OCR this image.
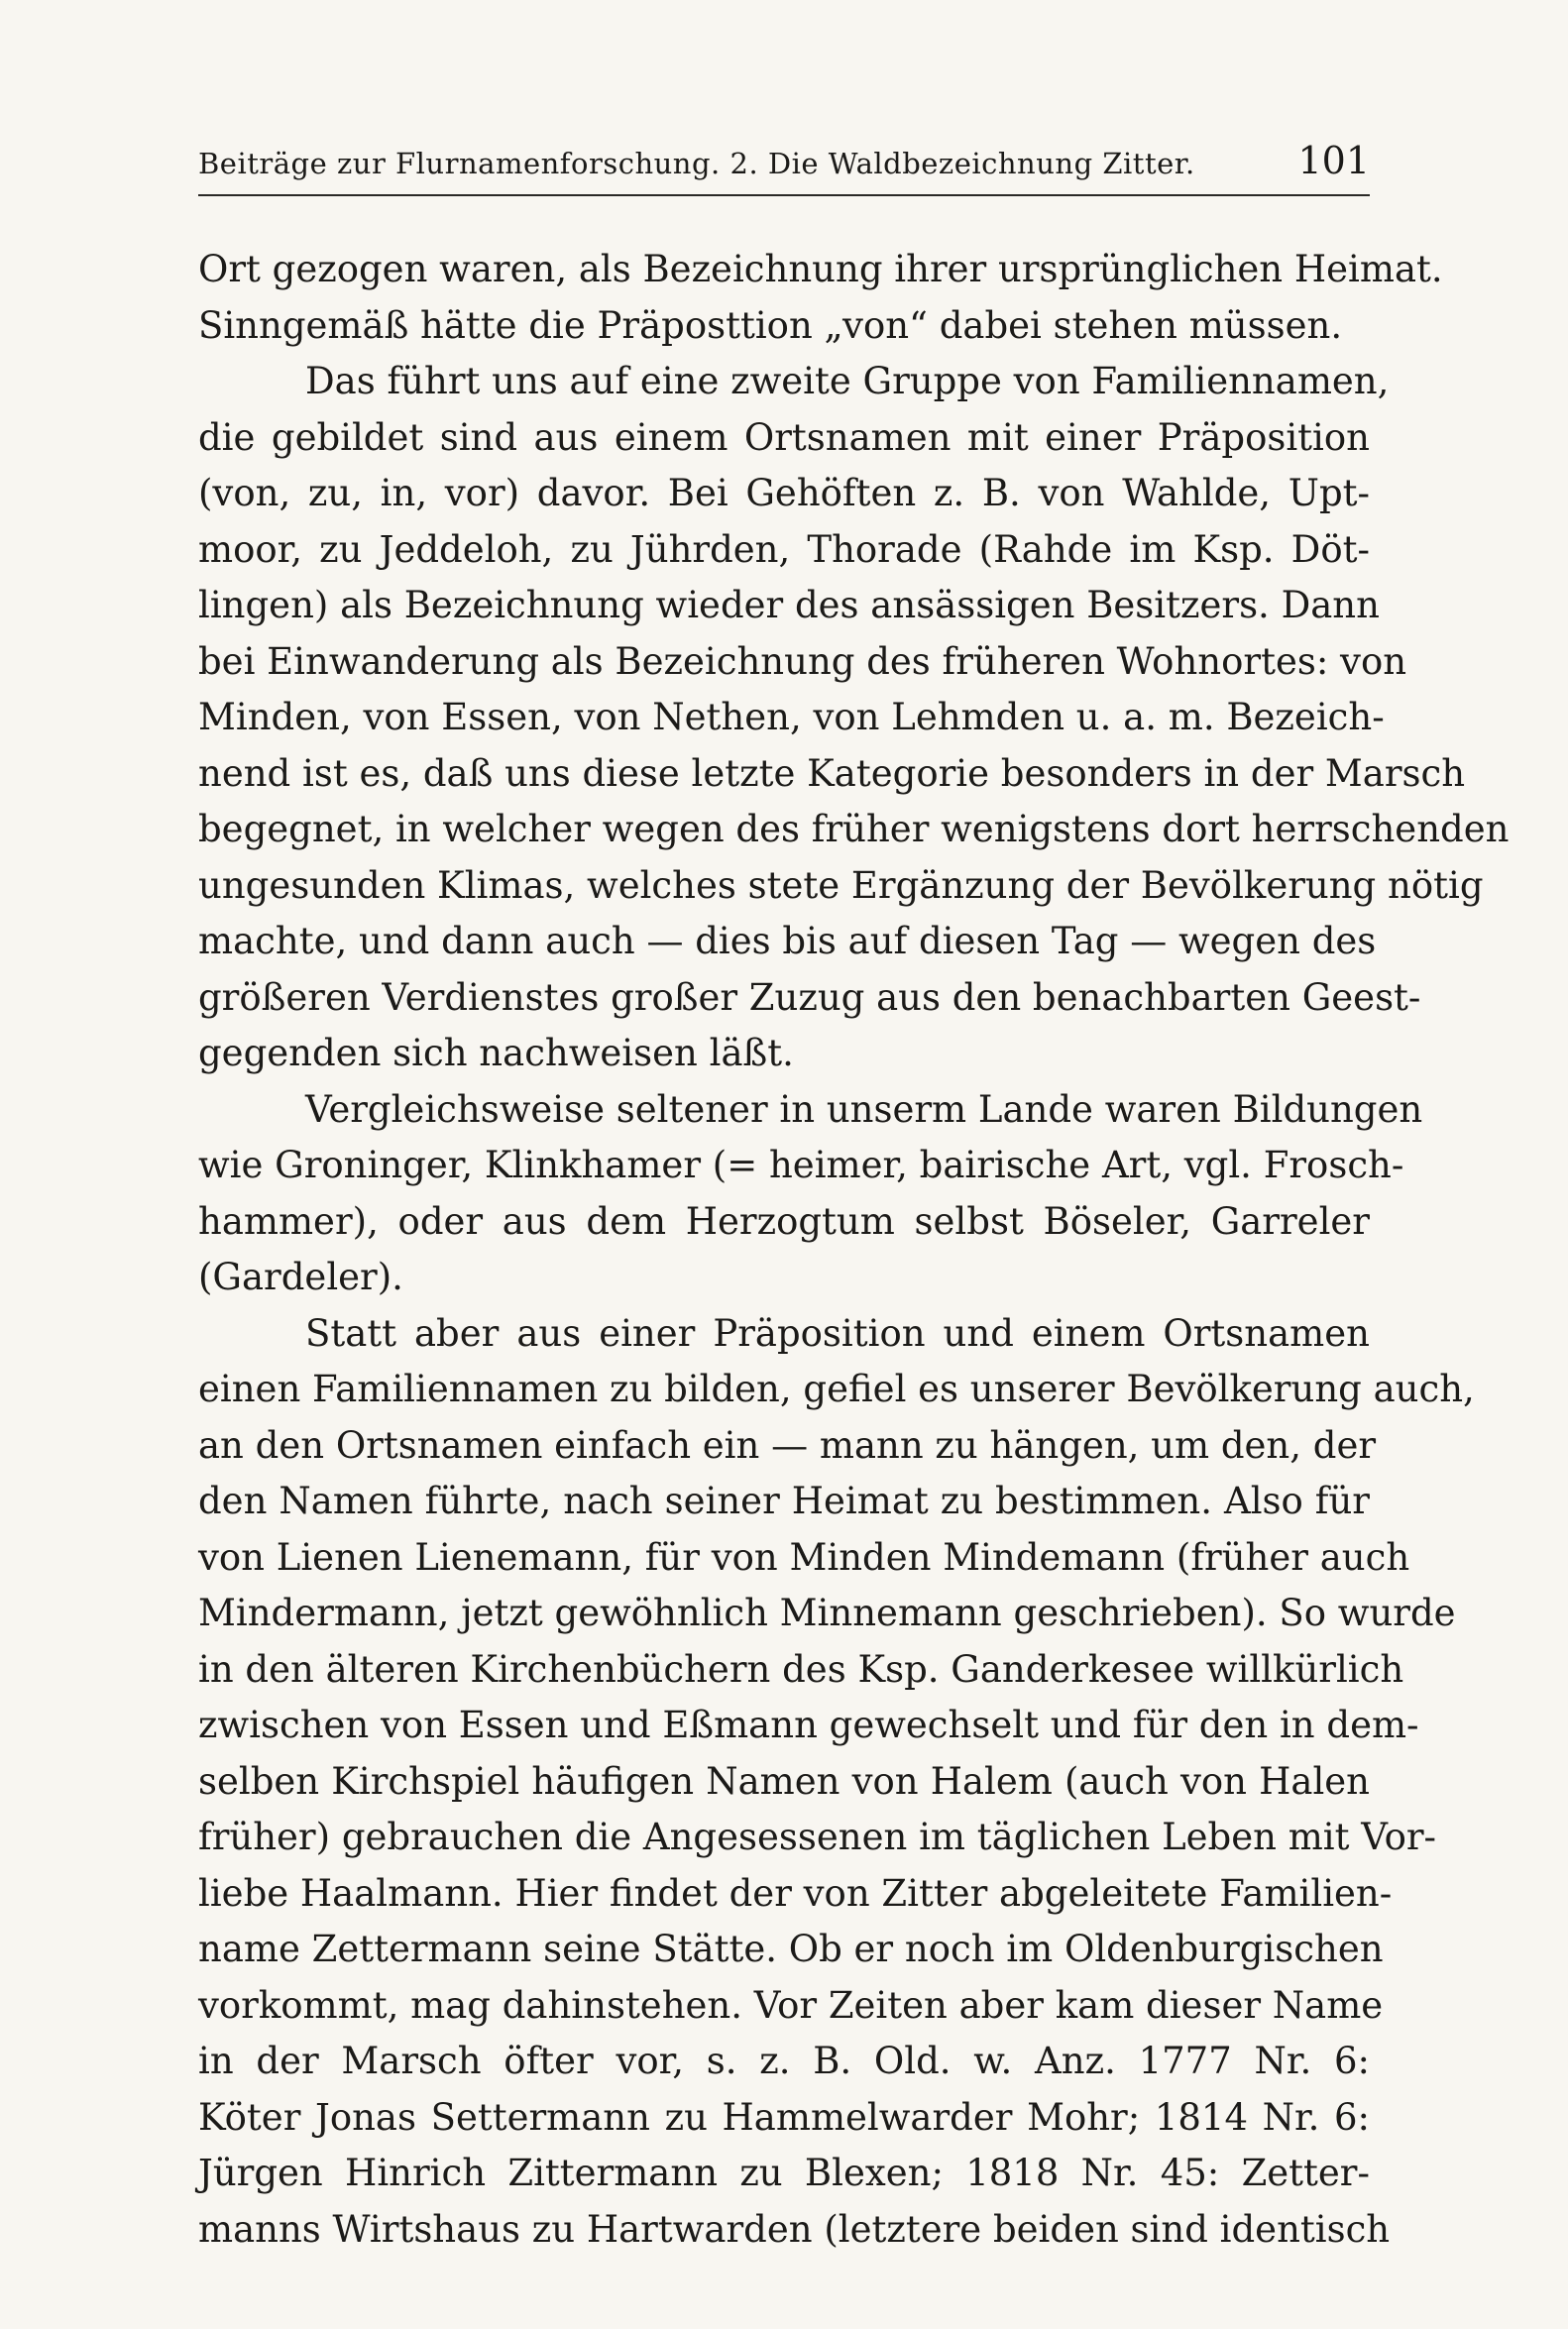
Beiträge zur Flurnamenforschung. 2. Die Waldbezeichnung Zitter.	101
Ort gezogen waren, als Bezeichnung ihrer ursprünglichen Heimat.
Sinngemäß hätte die Präposttion „von“ dabei stehen müssen.
Das führt uns auf eine zweite Gruppe von Familiennamen,
die gebildet sind aus einem Ortsnamen mit einer Präposition
(von, zu, in, vor) davor. Bei Gehöften z. B. von Wahlde, Upt-
moor, zu Jeddeloh, zu Jührden, Thorade (Rahde im Ksp. Döt-
lingen) als Bezeichnung wieder des ansässigen Besitzers. Dann
bei Einwanderung als Bezeichnung des früheren Wohnortes: von
Minden, von Essen, von Nethen, von Lehmden u. a. m. Bezeich-
nend ist es, daß uns diese letzte Kategorie besonders in der Marsch
begegnet, in welcher wegen des früher wenigstens dort herrschenden
ungesunden Klimas, welches stete Ergänzung der Bevölkerung nötig
machte, und dann auch — dies bis auf diesen Tag — wegen des
größeren Verdienstes großer Zuzug aus den benachbarten Geest-
gegenden sich nachweisen läßt.
Vergleichsweise seltener in unserm Lande waren Bildungen
wie Groninger, Klinkhamer (= heimer, bairische Art, vgl. Frosch-
hammer), oder aus dem Herzogtum selbst Böseler, Garreler
(Gardeler).
Statt aber aus einer Präposition und einem Ortsnamen
einen Familiennamen zu bilden, gefiel es unserer Bevölkerung auch,
an den Ortsnamen einfach ein — mann zu hängen, um den, der
den Namen führte, nach seiner Heimat zu bestimmen. Also für
von Lienen Lienemann, für von Minden Mindemann (früher auch
Mindermann, jetzt gewöhnlich Minnemann geschrieben). So wurde
in den älteren Kirchenbüchern des Ksp. Ganderkesee willkürlich
zwischen von Essen und Eßmann gewechselt und für den in dem-
selben Kirchspiel häufigen Namen von Halem (auch von Halen
früher) gebrauchen die Angesessenen im täglichen Leben mit Vor-
liebe Haalmann. Hier findet der von Zitter abgeleitete Familien-
name Zettermann seine Stätte. Ob er noch im Oldenburgischen
vorkommt, mag dahinstehen. Vor Zeiten aber kam dieser Name
in der Marsch öfter vor, s. z. B. Old. w. Anz. 1777 Nr. 6:
Köter Jonas Settermann zu Hammelwarder Mohr; 1814 Nr. 6:
Jürgen Hinrich Zittermann zu Blexen; 1818 Nr. 45: Zetter-
manns Wirtshaus zu Hartwarden (letztere beiden sind identisch
